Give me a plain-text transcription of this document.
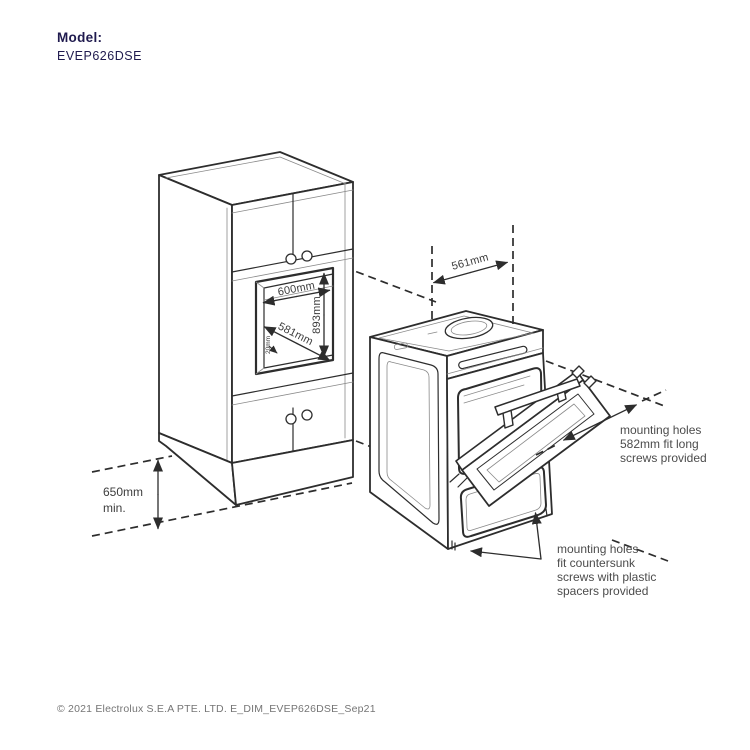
600mm
893mm
581mm
20mm
650mm
min.
561mm
mounting holes
582mm fit long
screws provided
mounting holes
fit countersunk
screws with plastic
spacers provided
Model:
EVEP626DSE
© 2021 Electrolux S.E.A PTE. LTD. E_DIM_EVEP626DSE_Sep21
